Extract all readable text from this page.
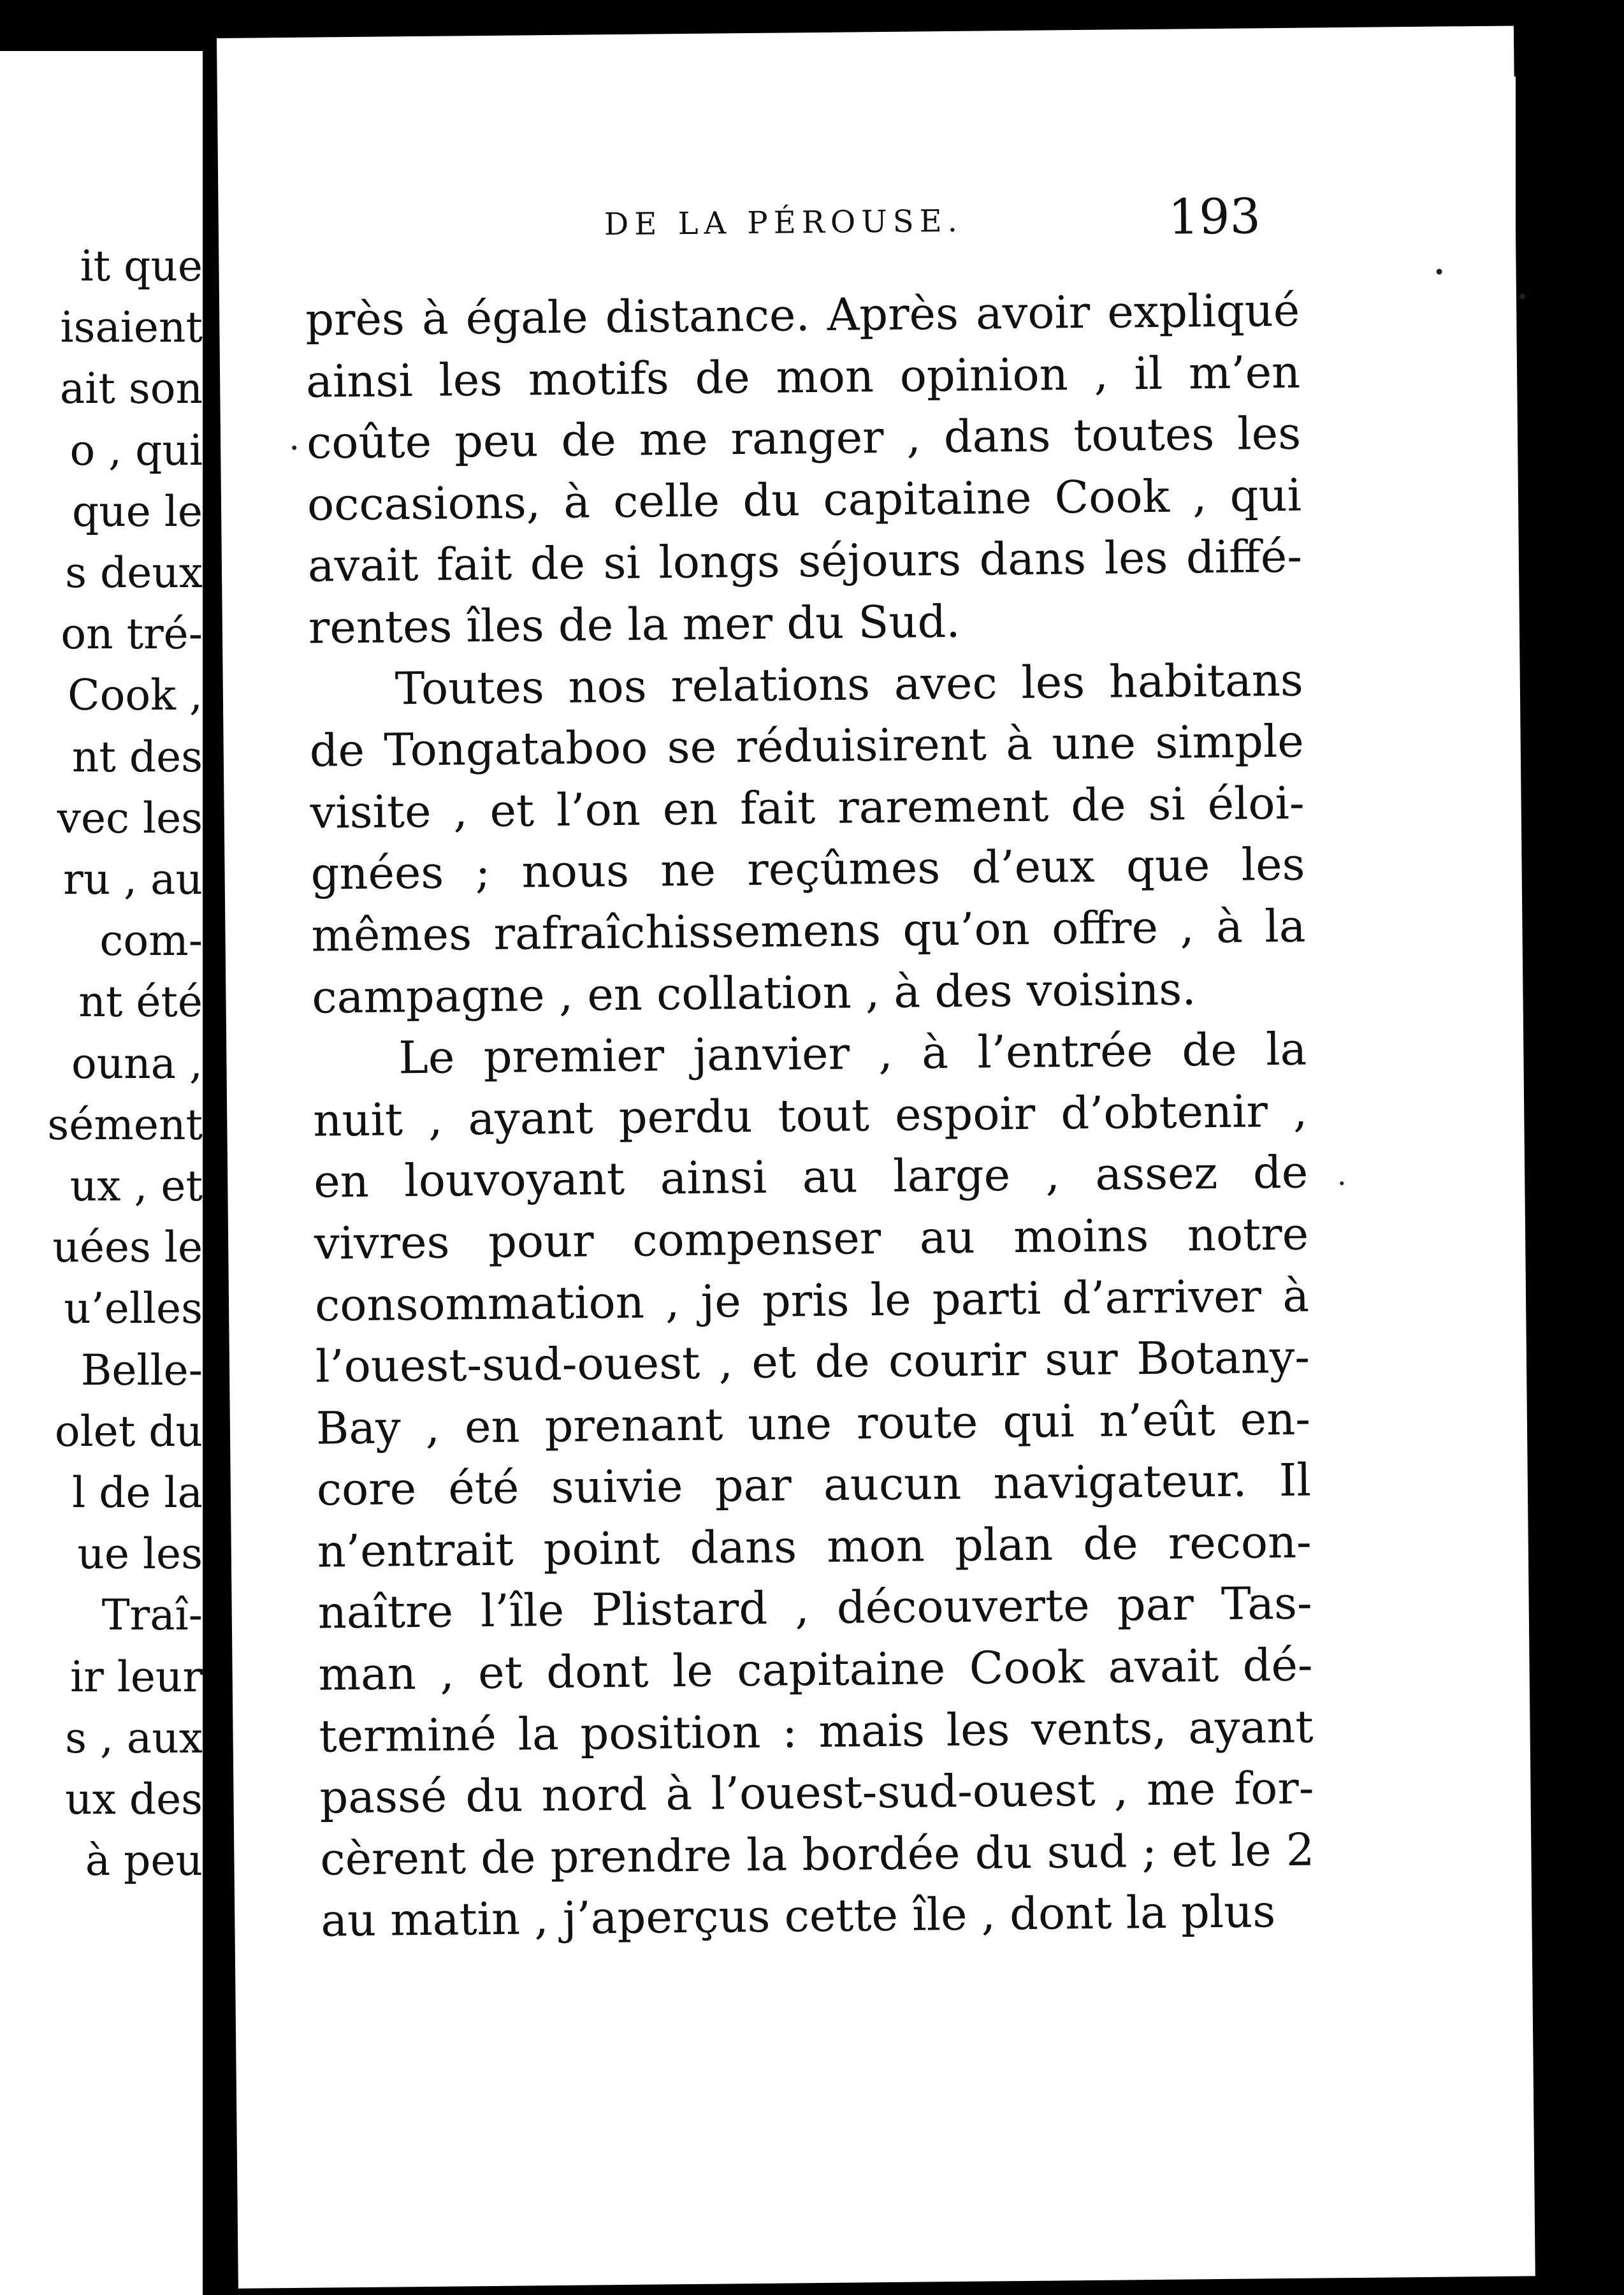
it que
isaient
ait son
o , qui
que le
s deux
on tré-
Cook ,
nt des
vec les
ru , au
com-
nt été
ouna ,
sément
ux , et
uées le
u’elles
Belle-
olet du
l de la
ue les
Traî-
ir leur
s , aux
ux des
à peu
DE LA PÉROUSE.	193
près à égale distance. Après avoir expliqué
ainsi les motifs de mon opinion , il m’en
coûte peu de me ranger , dans toutes les
occasions, à celle du capitaine Cook , qui
avait fait de si longs séjours dans les diffé-
rentes îles de la mer du Sud.
Toutes nos relations avec les habitans
de Tongataboo se réduisirent à une simple
visite , et l’on en fait rarement de si éloi-
gnées ; nous ne reçûmes d’eux que les
mêmes rafraîchissemens qu’on offre , à la
campagne , en collation , à des voisins.
Le premier janvier , à l’entrée de la
nuit , ayant perdu tout espoir d’obtenir ,
en louvoyant ainsi au large , assez de
vivres pour compenser au moins notre
consommation , je pris le parti d’arriver à
l’ouest-sud-ouest , et de courir sur Botany-
Bay , en prenant une route qui n’eût en-
core été suivie par aucun navigateur. Il
n’entrait point dans mon plan de recon-
naître l’île Plistard , découverte par Tas-
man , et dont le capitaine Cook avait dé-
terminé la position : mais les vents, ayant
passé du nord à l’ouest-sud-ouest , me for-
cèrent de prendre la bordée du sud ; et le 2
au matin , j’aperçus cette île , dont la plus
